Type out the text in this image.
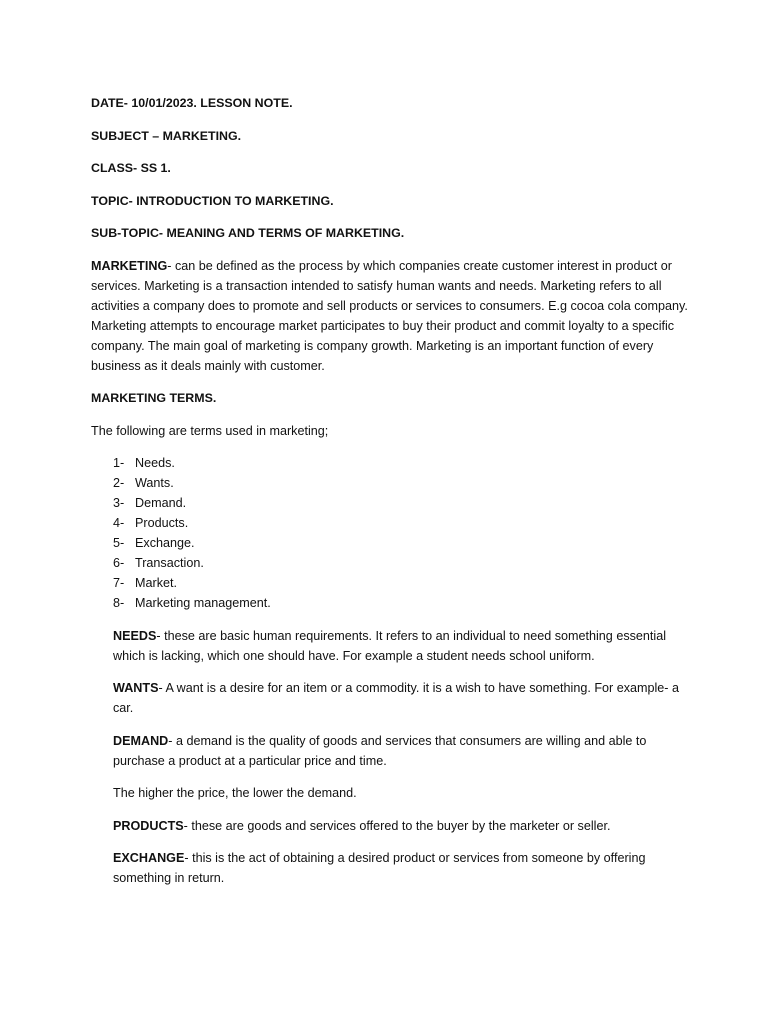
DATE- 10/01/2023. LESSON NOTE.

SUBJECT – MARKETING.

CLASS- SS 1.

TOPIC- INTRODUCTION TO MARKETING.

SUB-TOPIC- MEANING AND TERMS OF MARKETING.

MARKETING- can be defined as the process by which companies create customer interest in product or services. Marketing is a transaction intended to satisfy human wants and needs. Marketing refers to all activities a company does to promote and sell products or services to consumers. E.g cocoa cola company. Marketing attempts to encourage market participates to buy their product and commit loyalty to a specific company. The main goal of marketing is company growth. Marketing is an important function of every business as it deals mainly with customer.

MARKETING TERMS.

The following are terms used in marketing;

1- Needs.
2- Wants.
3- Demand.
4- Products.
5- Exchange.
6- Transaction.
7- Market.
8- Marketing management.

NEEDS- these are basic human requirements. It refers to an individual to need something essential which is lacking, which one should have. For example a student needs school uniform.

WANTS- A want is a desire for an item or a commodity. it is a wish to have something. For example- a car.

DEMAND- a demand is the quality of goods and services that consumers are willing and able to purchase a product at a particular price and time.

The higher the price, the lower the demand.

PRODUCTS- these are goods and services offered to the buyer by the marketer or seller.

EXCHANGE- this is the act of obtaining a desired product or services from someone by offering something in return.
